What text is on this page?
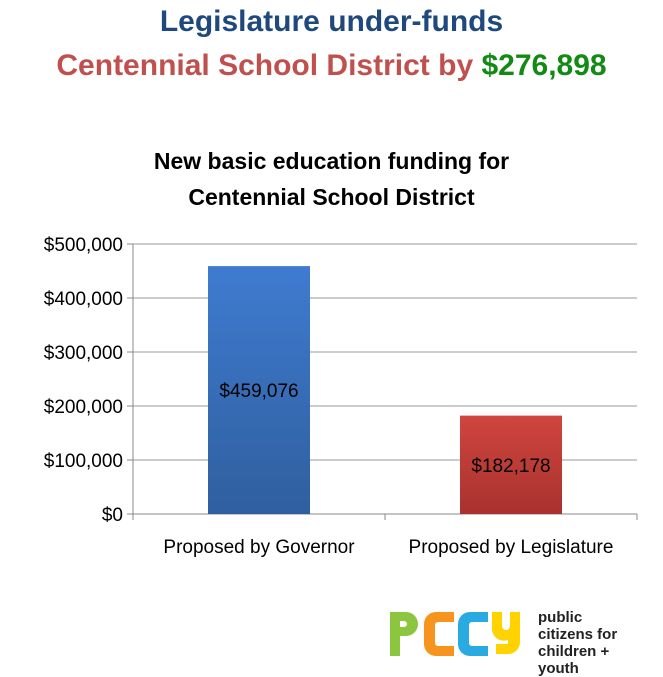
Legislature under-funds
Centennial School District by $276,898
New basic education funding for
Centennial School District
$0
$100,000
$200,000
$300,000
$400,000
$500,000
$459,076
Proposed by Governor
$182,178
Proposed by Legislature
public
citizens for
children + youth
